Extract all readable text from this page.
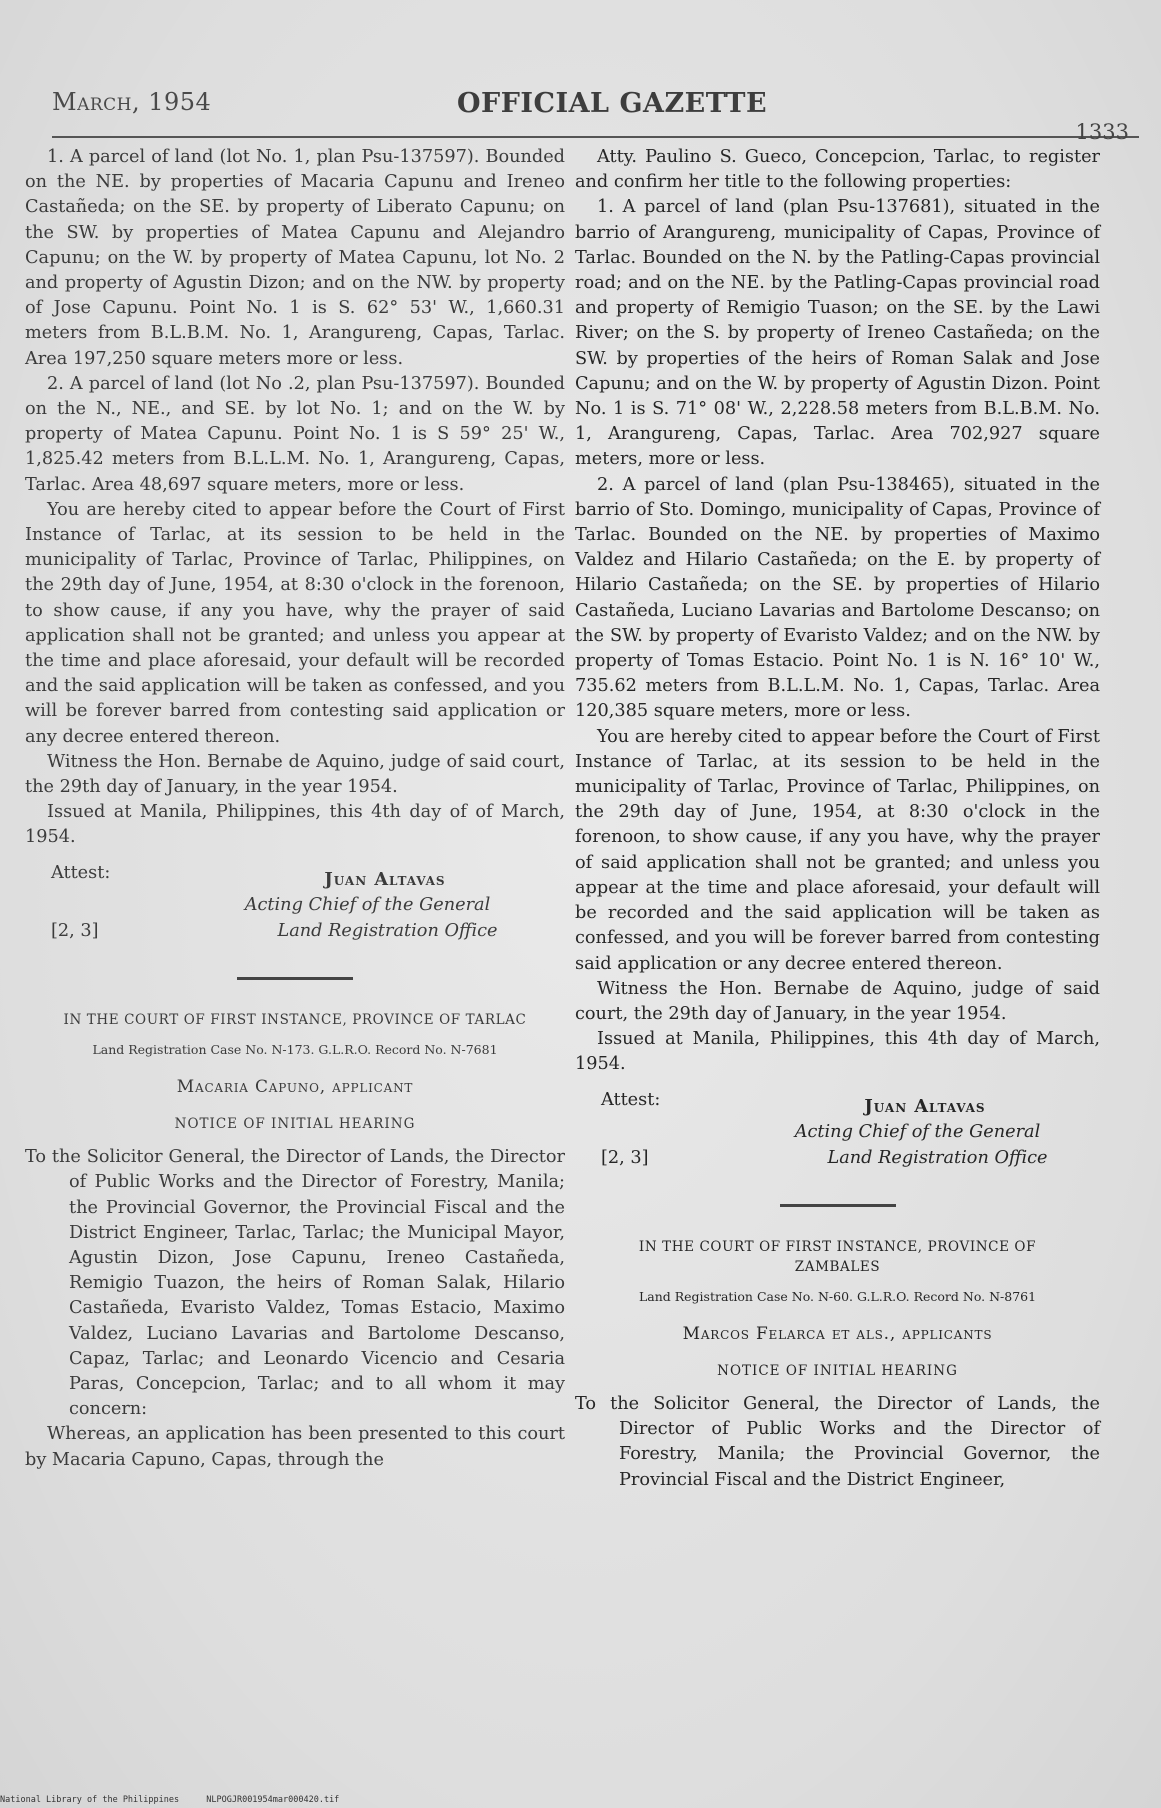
March, 1954	OFFICIAL GAZETTE
1333

1. A parcel of land (lot No. 1, plan Psu-137597). Bounded on the NE. by properties of Macaria Capunu and Ireneo Castañeda; on the SE. by property of Liberato Capunu; on the SW. by properties of Matea Capunu and Alejandro Capunu; on the W. by property of Matea Capunu, lot No. 2 and property of Agustin Dizon; and on the NW. by property of Jose Capunu. Point No. 1 is S. 62° 53' W., 1,660.31 meters from B.L.B.M. No. 1, Arangureng, Capas, Tarlac. Area 197,250 square meters more or less.

2. A parcel of land (lot No .2, plan Psu-137597). Bounded on the N., NE., and SE. by lot No. 1; and on the W. by property of Matea Capunu. Point No. 1 is S 59° 25' W., 1,825.42 meters from B.L.L.M. No. 1, Arangureng, Capas, Tarlac. Area 48,697 square meters, more or less.

You are hereby cited to appear before the Court of First Instance of Tarlac, at its session to be held in the municipality of Tarlac, Province of Tarlac, Philippines, on the 29th day of June, 1954, at 8:30 o'clock in the forenoon, to show cause, if any you have, why the prayer of said application shall not be granted; and unless you appear at the time and place aforesaid, your default will be recorded and the said application will be taken as confessed, and you will be forever barred from contesting said application or any decree entered thereon.

Witness the Hon. Bernabe de Aquino, judge of said court, the 29th day of January, in the year 1954.

Issued at Manila, Philippines, this 4th day of of March, 1954.

Attest:	Juan Altavas
Acting Chief of the General
Land Registration Office
[2, 3]
IN THE COURT OF FIRST INSTANCE, PROVINCE OF TARLAC
Land Registration Case No. N-173. G.L.R.O. Record No. N-7681
Macaria Capuno, applicant
NOTICE OF INITIAL HEARING
To the Solicitor General, the Director of Lands, the Director of Public Works and the Director of Forestry, Manila; the Provincial Governor, the Provincial Fiscal and the District Engineer, Tarlac, Tarlac; the Municipal Mayor, Agustin Dizon, Jose Capunu, Ireneo Castañeda, Remigio Tuazon, the heirs of Roman Salak, Hilario Castañeda, Evaristo Valdez, Tomas Estacio, Maximo Valdez, Luciano Lavarias and Bartolome Descanso, Capaz, Tarlac; and Leonardo Vicencio and Cesaria Paras, Concepcion, Tarlac; and to all whom it may concern:

Whereas, an application has been presented to this court by Macaria Capuno, Capas, through the

Atty. Paulino S. Gueco, Concepcion, Tarlac, to register and confirm her title to the following properties:

1. A parcel of land (plan Psu-137681), situated in the barrio of Arangureng, municipality of Capas, Province of Tarlac. Bounded on the N. by the Patling-Capas provincial road; and on the NE. by the Patling-Capas provincial road and property of Remigio Tuason; on the SE. by the Lawi River; on the S. by property of Ireneo Castañeda; on the SW. by properties of the heirs of Roman Salak and Jose Capunu; and on the W. by property of Agustin Dizon. Point No. 1 is S. 71° 08' W., 2,228.58 meters from B.L.B.M. No. 1, Arangureng, Capas, Tarlac. Area 702,927 square meters, more or less.

2. A parcel of land (plan Psu-138465), situated in the barrio of Sto. Domingo, municipality of Capas, Province of Tarlac. Bounded on the NE. by properties of Maximo Valdez and Hilario Castañeda; on the E. by property of Hilario Castañeda; on the SE. by properties of Hilario Castañeda, Luciano Lavarias and Bartolome Descanso; on the SW. by property of Evaristo Valdez; and on the NW. by property of Tomas Estacio. Point No. 1 is N. 16° 10' W., 735.62 meters from B.L.L.M. No. 1, Capas, Tarlac. Area 120,385 square meters, more or less.

You are hereby cited to appear before the Court of First Instance of Tarlac, at its session to be held in the municipality of Tarlac, Province of Tarlac, Philippines, on the 29th day of June, 1954, at 8:30 o'clock in the forenoon, to show cause, if any you have, why the prayer of said application shall not be granted; and unless you appear at the time and place aforesaid, your default will be recorded and the said application will be taken as confessed, and you will be forever barred from contesting said application or any decree entered thereon.

Witness the Hon. Bernabe de Aquino, judge of said court, the 29th day of January, in the year 1954.

Issued at Manila, Philippines, this 4th day of March, 1954.

Attest:	Juan Altavas
Acting Chief of the General
Land Registration Office
[2, 3]
IN THE COURT OF FIRST INSTANCE, PROVINCE OF ZAMBALES
Land Registration Case No. N-60. G.L.R.O. Record No. N-8761
Marcos Felarca et als., applicants
NOTICE OF INITIAL HEARING
To the Solicitor General, the Director of Lands, the Director of Public Works and the Director of Forestry, Manila; the Provincial Governor, the Provincial Fiscal and the District Engineer,
National Library of the Philippines	NLPOGJR001954mar000420.tif
